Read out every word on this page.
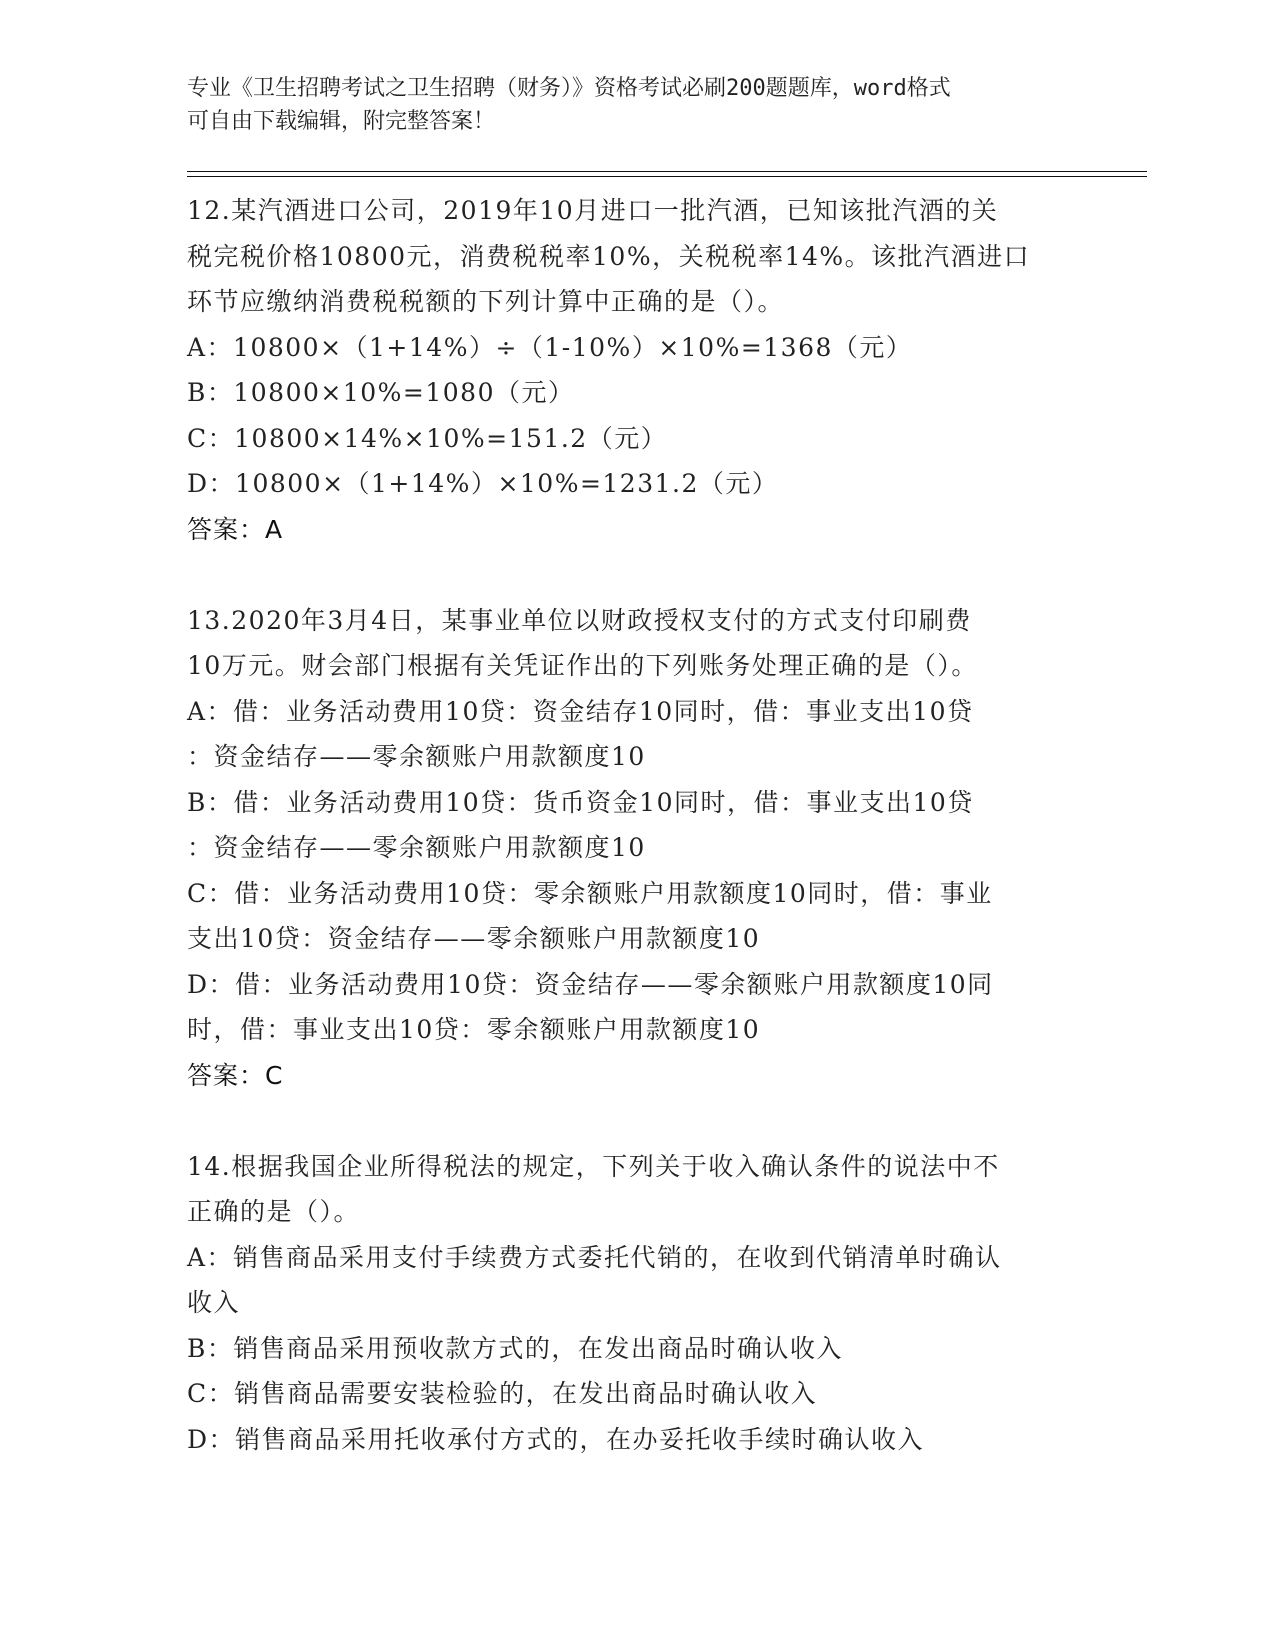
专业《卫生招聘考试之卫生招聘（财务）》资格考试必刷200题题库，word格式
可自由下载编辑，附完整答案！
12.某汽酒进口公司，2019年10月进口一批汽酒，已知该批汽酒的关
税完税价格10800元，消费税税率10%，关税税率14%。该批汽酒进口
环节应缴纳消费税税额的下列计算中正确的是（）。
A：10800×（1+14%）÷（1-10%）×10%=1368（元）
B：10800×10%=1080（元）
C：10800×14%×10%=151.2（元）
D：10800×（1+14%）×10%=1231.2（元）
答案：A
13.2020年3月4日，某事业单位以财政授权支付的方式支付印刷费
10万元。财会部门根据有关凭证作出的下列账务处理正确的是（）。
A：借：业务活动费用10贷：资金结存10同时，借：事业支出10贷
：资金结存——零余额账户用款额度10
B：借：业务活动费用10贷：货币资金10同时，借：事业支出10贷
：资金结存——零余额账户用款额度10
C：借：业务活动费用10贷：零余额账户用款额度10同时，借：事业
支出10贷：资金结存——零余额账户用款额度10
D：借：业务活动费用10贷：资金结存——零余额账户用款额度10同
时，借：事业支出10贷：零余额账户用款额度10
答案：C
14.根据我国企业所得税法的规定，下列关于收入确认条件的说法中不
正确的是（）。
A：销售商品采用支付手续费方式委托代销的，在收到代销清单时确认
收入
B：销售商品采用预收款方式的，在发出商品时确认收入
C：销售商品需要安装检验的，在发出商品时确认收入
D：销售商品采用托收承付方式的，在办妥托收手续时确认收入
